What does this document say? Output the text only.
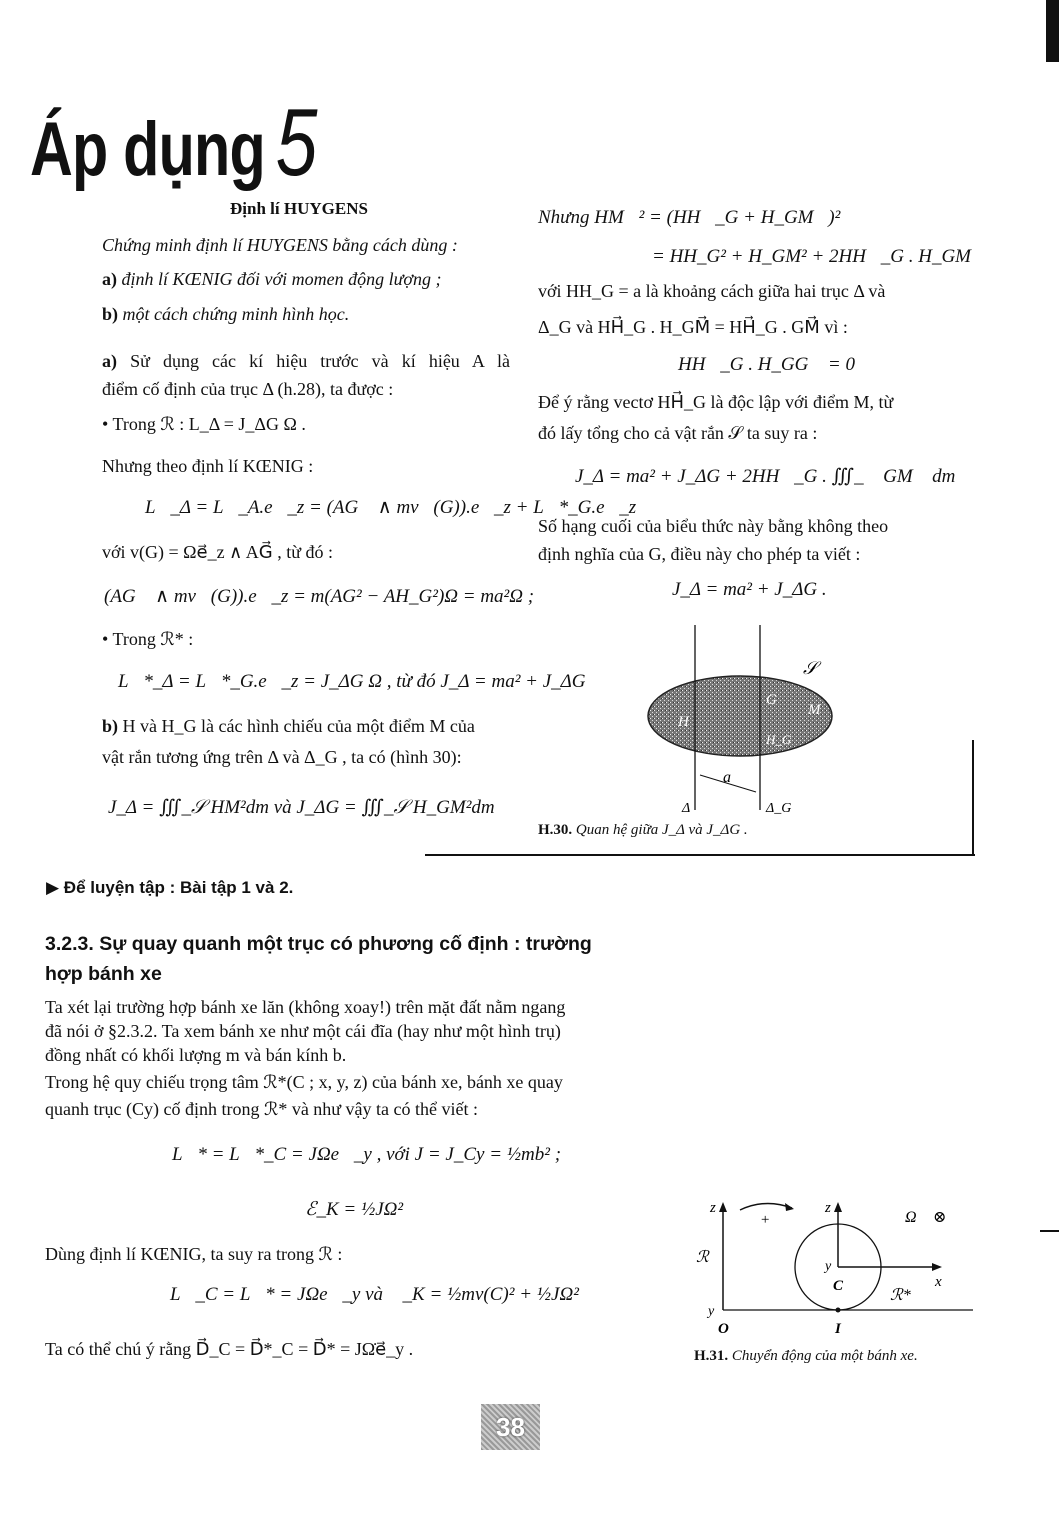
Áp dụng 5
Định lí HUYGENS
Chứng minh định lí HUYGENS bằng cách dùng :
a) định lí KŒNIG đối với momen động lượng ;
b) một cách chứng minh hình học.
a) Sử dụng các kí hiệu trước và kí hiệu A là
điểm cố định của trục Δ (h.28), ta được :
• Trong ℛ : L_Δ = J_ΔG Ω .
Nhưng theo định lí KŒNIG :
L⃗_Δ = L⃗_A.e⃗_z = (AG⃗ ∧ mv⃗(G)).e⃗_z + L⃗*_G.e⃗_z
với v(G) = Ωe⃗_z ∧ AG⃗ , từ đó :
(AG⃗ ∧ mv⃗(G)).e⃗_z = m(AG² − AH_G²)Ω = ma²Ω ;
• Trong ℛ* :
L⃗*_Δ = L⃗*_G.e⃗_z = J_ΔG Ω , từ đó J_Δ = ma² + J_ΔG
b) H và H_G là các hình chiếu của một điểm M của
vật rắn tương ứng trên Δ và Δ_G , ta có (hình 30):
J_Δ = ∭_𝒮 HM²dm và J_ΔG = ∭_𝒮 H_GM²dm
Nhưng HM⃗² = (HH⃗_G + H_GM⃗)²
= HH_G² + H_GM² + 2HH⃗_G . H_GM⃗
với HH_G = a là khoảng cách giữa hai trục Δ và
Δ_G và HH⃗_G . H_GM⃗ = HH⃗_G . GM⃗ vì :
HH⃗_G . H_GG⃗ = 0⃗
Để ý rằng vectơ HH⃗_G là độc lập với điểm M, từ
đó lấy tổng cho cả vật rắn 𝒮 ta suy ra :
J_Δ = ma² + J_ΔG + 2HH⃗_G . ∭_𝒮 GM⃗ dm
Số hạng cuối của biểu thức này bằng không theo
định nghĩa của G, điều này cho phép ta viết :
J_Δ = ma² + J_ΔG .
𝒮
G
H
M
H_G
a
Δ	Δ_G
H.30. Quan hệ giữa J_Δ và J_ΔG .
▶ Để luyện tập : Bài tập 1 và 2.
3.2.3. Sự quay quanh một trục có phương cố định : trường
hợp bánh xe
Ta xét lại trường hợp bánh xe lăn (không xoay!) trên mặt đất nằm ngang
đã nói ở §2.3.2. Ta xem bánh xe như một cái đĩa (hay như một hình trụ)
đồng nhất có khối lượng m và bán kính b.
Trong hệ quy chiếu trọng tâm ℛ*(C ; x, y, z) của bánh xe, bánh xe quay
quanh trục (Cy) cố định trong ℛ* và như vậy ta có thể viết :
L⃗* = L⃗*_C = JΩe⃗_y , với J = J_Cy = ½mb² ;
ℰ_K = ½JΩ²
Dùng định lí KŒNIG, ta suy ra trong ℛ :
L⃗_C = L⃗* = JΩe⃗_y và ℰ_K = ½mv(C)² + ½JΩ²
Ta có thể chú ý rằng D⃗_C = D⃗*_C = D⃗* = JΩ̇e⃗_y .
z
+
z
Ω⃗ ⊗
ℛ
y
y
C	x
ℛ*
O	I
H.31. Chuyển động của một bánh xe.
38
